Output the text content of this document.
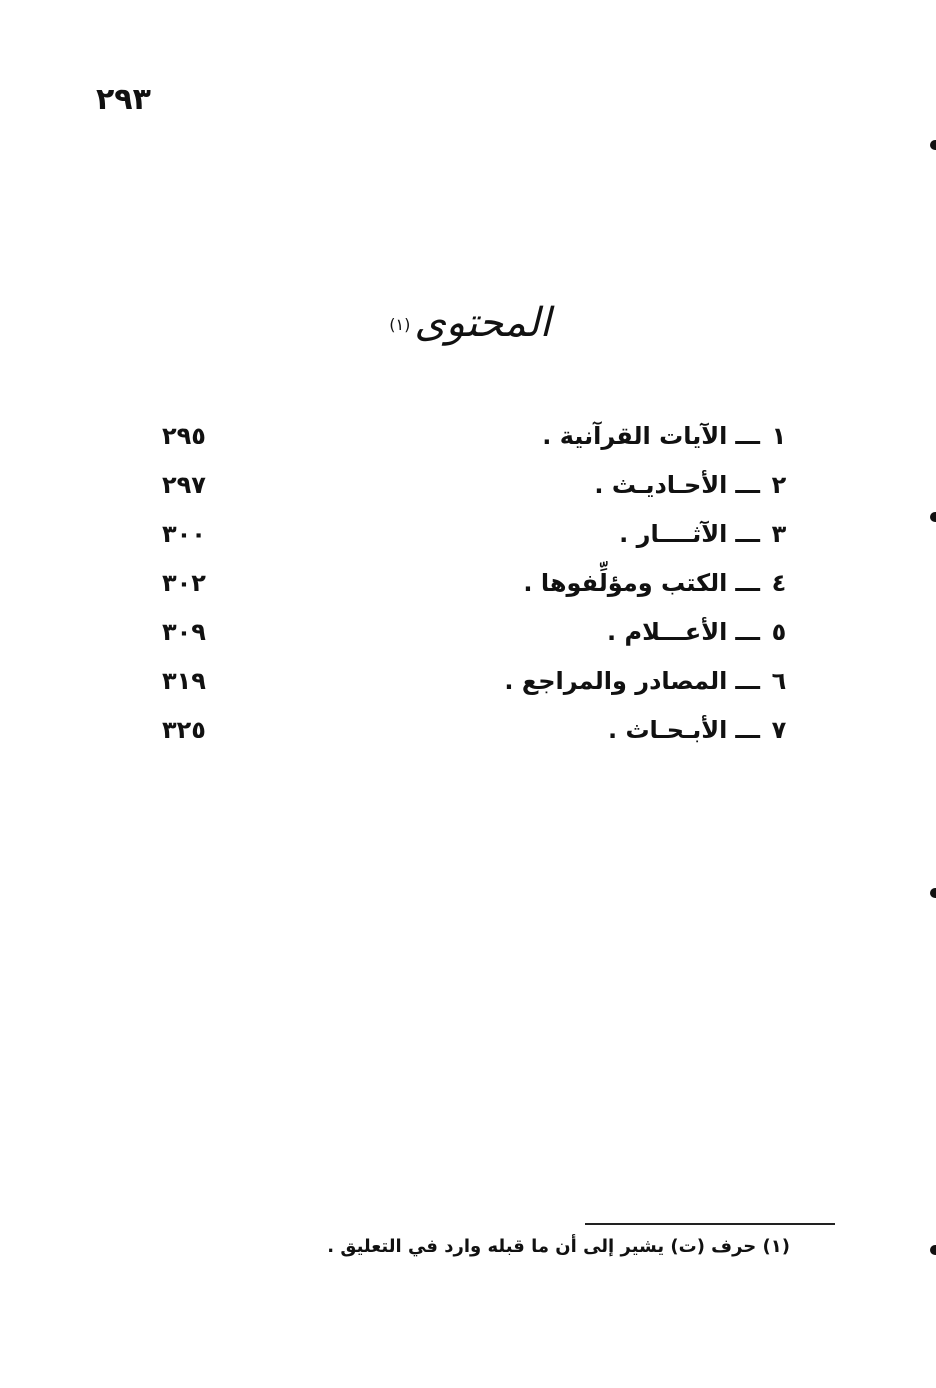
٢٩٣
المحتوى(١)
١ـــالآيات القرآنية .
٢٩٥
٢ـــالأحـاديـث .
٢٩٧
٣ـــالآثــــار .
٣٠٠
٤ـــالكتب ومؤلِّفوها .
٣٠٢
٥ـــالأعـــلام .
٣٠٩
٦ـــالمصادر والمراجع .
٣١٩
٧ـــالأبـحـاث .
٣٢٥
(١) حرف (ت) يشير إلى أن ما قبله وارد في التعليق .
